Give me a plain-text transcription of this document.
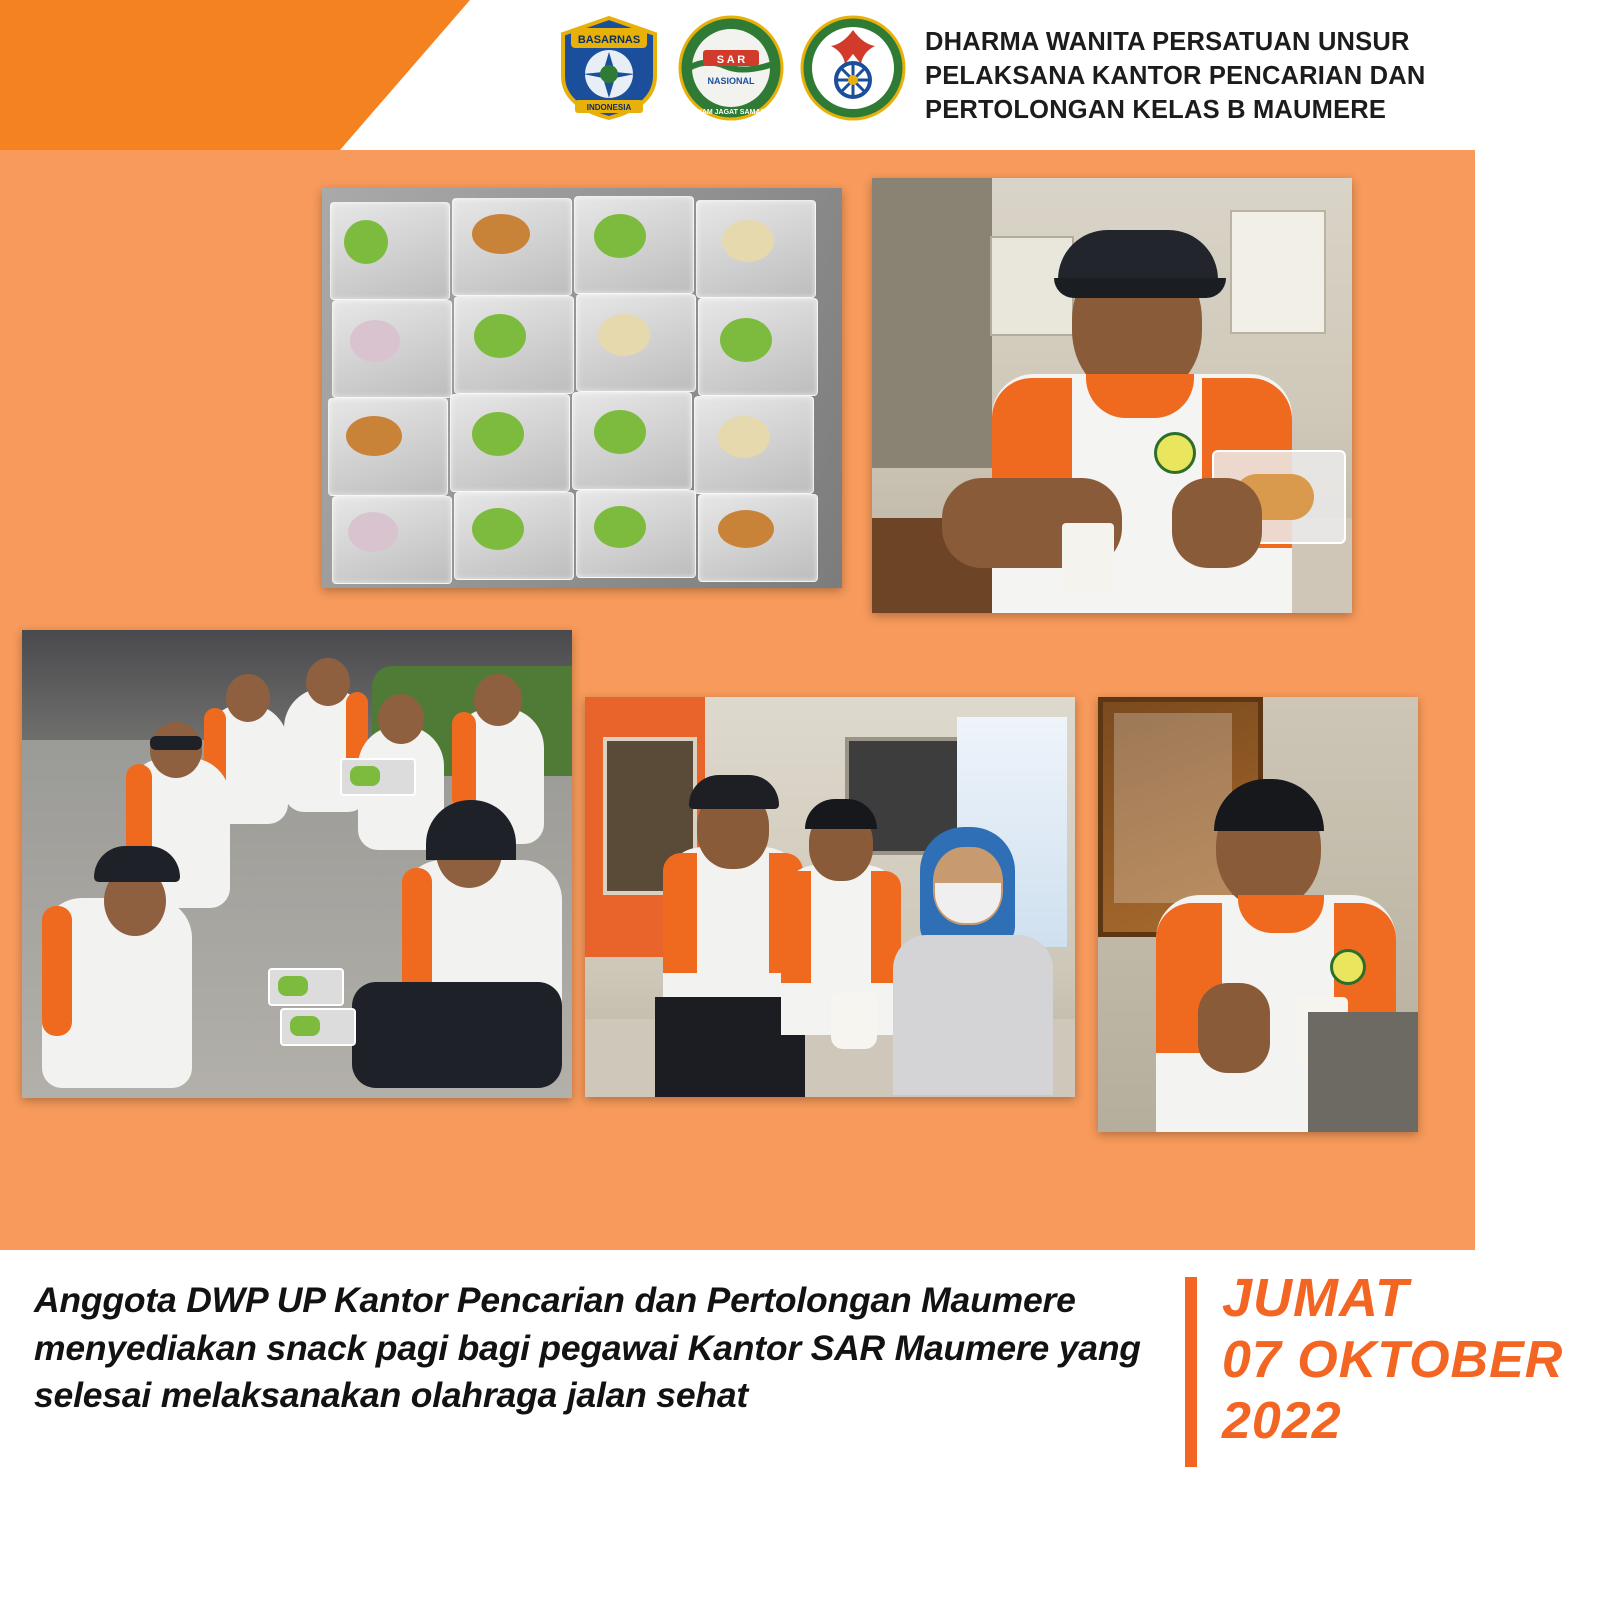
BASARNAS
INDONESIA
S A R
NASIONAL
AVIGNAM JAGAT SAMAGRAM
DHARMA WANITA PERSATUAN UNSUR
PELAKSANA KANTOR PENCARIAN DAN
PERTOLONGAN KELAS B MAUMERE
Anggota DWP UP Kantor Pencarian dan Pertolongan Maumere menyediakan snack pagi bagi pegawai Kantor SAR Maumere yang selesai melaksanakan olahraga jalan sehat
JUMAT
07 OKTOBER
2022
